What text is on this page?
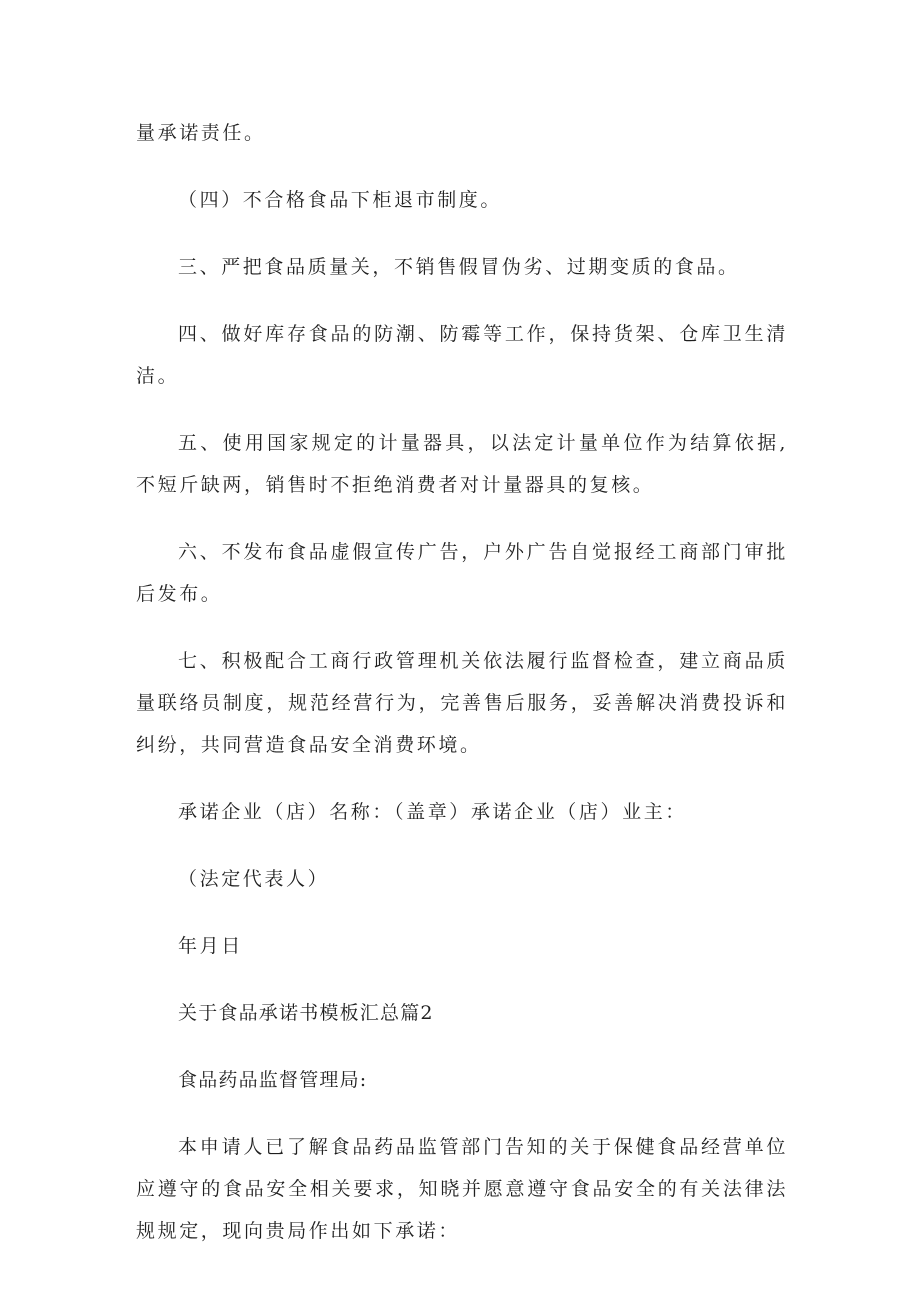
量承诺责任。

（四）不合格食品下柜退市制度。

三、严把食品质量关，不销售假冒伪劣、过期变质的食品。

四、做好库存食品的防潮、防霉等工作，保持货架、仓库卫生清洁。

五、使用国家规定的计量器具，以法定计量单位作为结算依据,不短斤缺两，销售时不拒绝消费者对计量器具的复核。

六、不发布食品虚假宣传广告，户外广告自觉报经工商部门审批后发布。

七、积极配合工商行政管理机关依法履行监督检查，建立商品质量联络员制度，规范经营行为，完善售后服务，妥善解决消费投诉和纠纷，共同营造食品安全消费环境。

承诺企业（店）名称：（盖章）承诺企业（店）业主：

（法定代表人）

年月日

关于食品承诺书模板汇总篇2

食品药品监督管理局:

本申请人已了解食品药品监管部门告知的关于保健食品经营单位应遵守的食品安全相关要求，知晓并愿意遵守食品安全的有关法律法规规定，现向贵局作出如下承诺：
